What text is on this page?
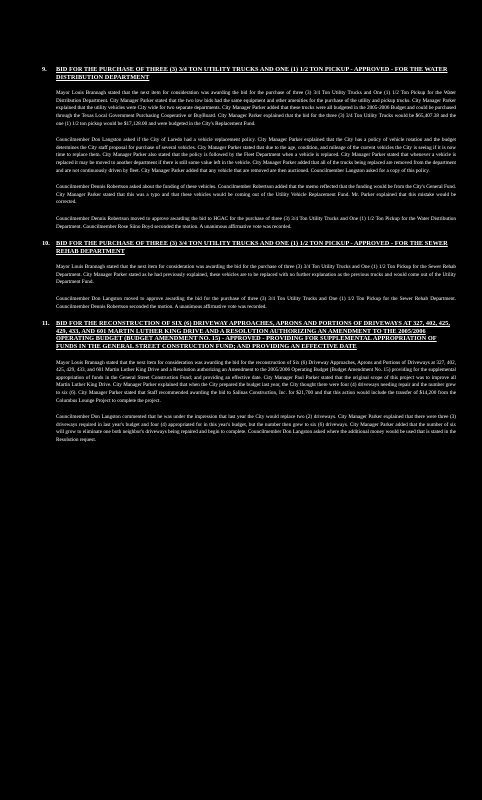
9. BID FOR THE PURCHASE OF THREE (3) 3/4 TON UTILITY TRUCKS AND ONE (1) 1/2 TON PICKUP - APPROVED - FOR THE WATER DISTRIBUTION DEPARTMENT

Mayor Louis Brannagh stated that the next item for consideration was awarding the bid for the purchase of three (3) 3/4 Ton Utility Trucks and One (1) 1/2 Ton Pickup for the Water Distribution Department. City Manager Parker stated that the two low bids had the same equipment and other amenities for the purchase of the utility and pickup trucks. City Manager Parker explained that the utility vehicles were City wide for two separate departments. City Manager Parker added that these trucks were all budgeted in the 2005-2006 Budget and could be purchased through the Texas Local Government Purchasing Cooperative or BuyBoard. City Manager Parker explained that the bid for the three (3) 3/4 Ton Utility Trucks would be $65,407.38 and the one (1) 1/2 ton pickup would be $17,128.00 and were budgeted in the City's Replacement Fund.

Councilmember Don Langston asked if the City of Laredo had a vehicle replacement policy. City Manager Parker explained that the City has a policy of vehicle rotation and the budget determines the City staff proposal for purchase of several vehicles. City Manager Parker stated that due to the age, condition, and mileage of the current vehicles the City is seeing if it is now time to replace them. City Manager Parker also stated that the policy is followed by the Fleet Department when a vehicle is replaced. City Manager Parker stated that whenever a vehicle is replaced it may be moved to another department if there is still some value left in the vehicle. City Manager Parker added that all of the trucks being replaced are removed from the department and are not continuously driven by fleet. City Manager Parker added that any vehicle that are removed are then auctioned. Councilmember Langston asked for a copy of this policy.

Councilmember Dennis Robertson asked about the funding of these vehicles. Councilmember Robertson added that the memo reflected that the funding would be from the City's General Fund. City Manager Parker stated that this was a typo and that these vehicles would be coming out of the Utility Vehicle Replacement Fund. Mr. Parker explained that this mistake would be corrected.

Councilmember Dennis Robertson moved to approve awarding the bid to HGAC for the purchase of three (3) 3/4 Ton Utility Trucks and One (1) 1/2 Ton Pickup for the Water Distribution Department. Councilmember Rose Siino Boyd seconded the motion. A unanimous affirmative vote was recorded.

10. BID FOR THE PURCHASE OF THREE (3) 3/4 TON UTILITY TRUCKS AND ONE (1) 1/2 TON PICKUP - APPROVED - FOR THE SEWER REHAB DEPARTMENT

Mayor Louis Brannagh stated that the next item for consideration was awarding the bid for the purchase of three (3) 3/4 Ton Utility Trucks and One (1) 1/2 Ton Pickup for the Sewer Rehab Department. City Manager Parker stated as he had previously explained, these vehicles are to be replaced with no further explanation as the previous trucks and would come out of the Utility Department Fund.

Councilmember Don Langston moved to approve awarding the bid for the purchase of three (3) 3/4 Ton Utility Trucks and One (1) 1/2 Ton Pickup for the Sewer Rehab Department. Councilmember Dennis Robertson seconded the motion. A unanimous affirmative vote was recorded.

11. BID FOR THE RECONSTRUCTION OF SIX (6) DRIVEWAY APPROACHES, APRONS AND PORTIONS OF DRIVEWAYS AT 327, 402, 425, 429, 433, AND 601 MARTIN LUTHER KING DRIVE AND A RESOLUTION AUTHORIZING AN AMENDMENT TO THE 2005/2006 OPERATING BUDGET (BUDGET AMENDMENT NO. 15) - APPROVED - PROVIDING FOR SUPPLEMENTAL APPROPRIATION OF FUNDS IN THE GENERAL STREET CONSTRUCTION FUND; AND PROVIDING AN EFFECTIVE DATE

Mayor Louis Brannagh stated that the next item for consideration was awarding the bid for the reconstruction of Six (6) Driveway Approaches, Aprons and Portions of Driveways at 327, 402, 425, 429, 433, and 601 Martin Luther King Drive and a Resolution authorizing an Amendment to the 2005/2006 Operating Budget (Budget Amendment No. 15) providing for the supplemental appropriation of funds in the General Street Construction Fund; and providing an effective date. City Manager Paul Parker stated that the original scope of this project was to improve all Martin Luther King Drive. City Manager Parker explained that when the City prepared the budget last year, the City thought there were four (4) driveways needing repair and the number grew to six (6). City Manager Parker stated that Staff recommended awarding the bid to Salinas Construction, Inc. for $21,700 and that this action would include the transfer of $14,200 from the Columbus Lounge Project to complete the project.

Councilmember Don Langston commented that he was under the impression that last year the City would replace two (2) driveways. City Manager Parker explained that there were three (3) driveways required in last year's budget and four (4) appropriated for in this year's budget, but the number then grew to six (6) driveways. City Manager Parker added that the number of six will grow to eliminate one both neighbor's driveways being repaired and begin to complete. Councilmember Don Langston asked where the additional money would be used that is stated in the Resolution request.
